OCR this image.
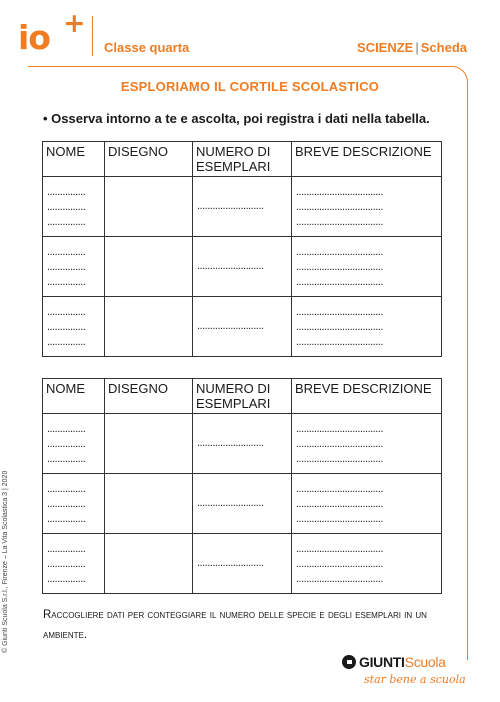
io +
Classe quarta	SCIENZE | Scheda
ESPLORIAMO IL CORTILE SCOLASTICO
• Osserva intorno a te e ascolta, poi registra i dati nella tabella.
NOME	DISEGNO	NUMERO DI ESEMPLARI	BREVE DESCRIZIONE

...............
...............
...............		..........................	..................................
..................................
..................................

...............
...............
...............		..........................	..................................
..................................
..................................

...............
...............
...............		..........................	..................................
..................................
..................................
NOME	DISEGNO	NUMERO DI ESEMPLARI	BREVE DESCRIZIONE

...............
...............
...............		..........................	..................................
..................................
..................................

...............
...............
...............		..........................	..................................
..................................
..................................

...............
...............
...............		..........................	..................................
..................................
..................................
Raccogliere dati per conteggiare il numero delle specie e degli esemplari in un ambiente.
© Giunti Scuola S.r.l., Firenze – La Vita Scolastica 3 | 2020
GIUNTIScuola
star bene a scuola
